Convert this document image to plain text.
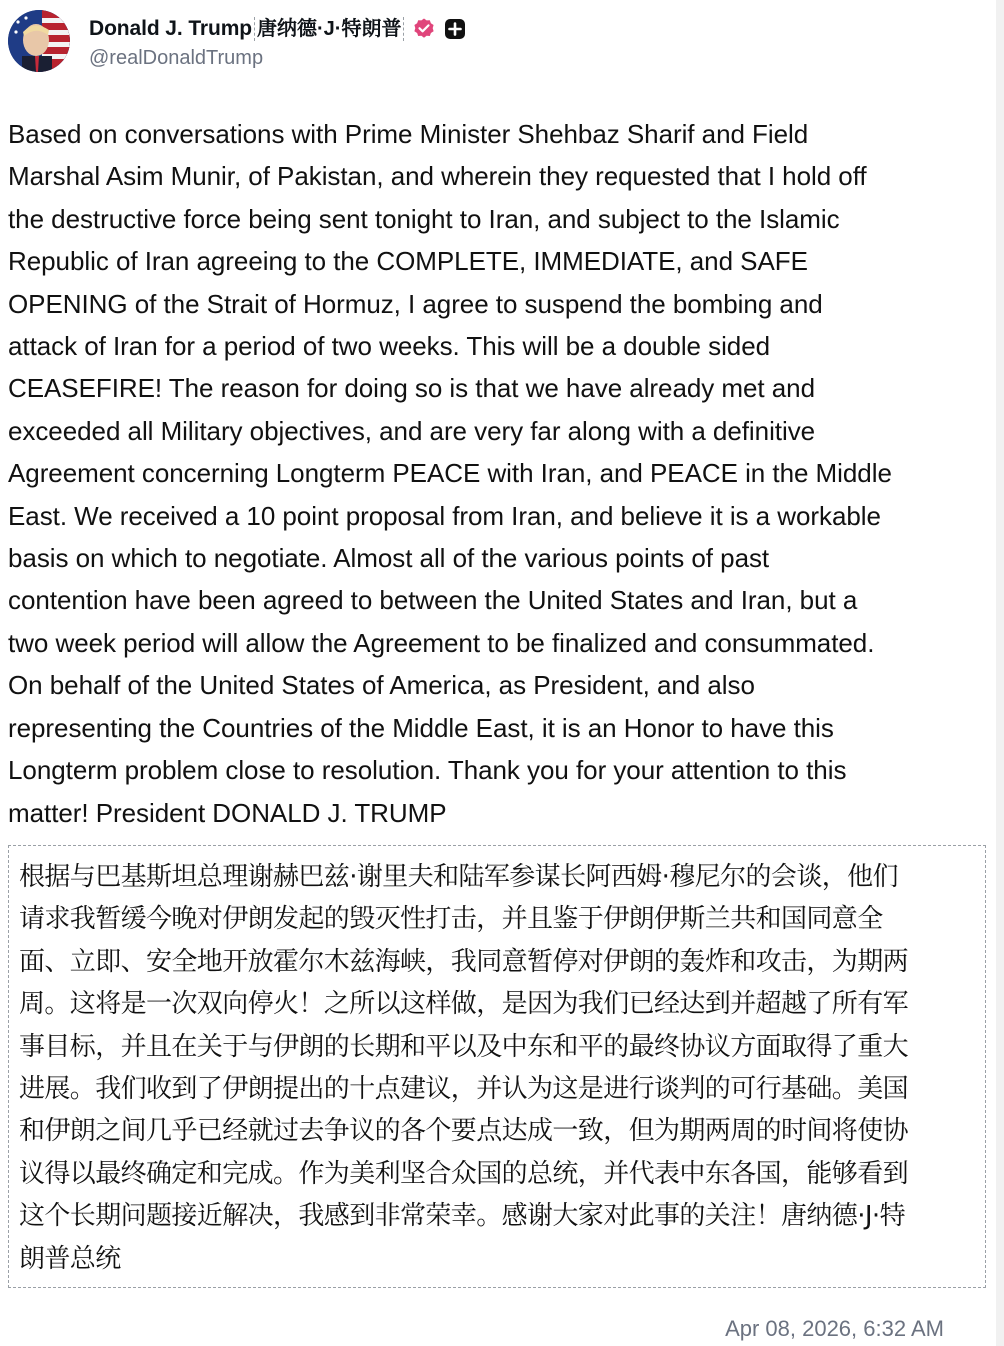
Donald J. Trump 唐纳德·J·特朗普
@realDonaldTrump

Based on conversations with Prime Minister Shehbaz Sharif and Field
Marshal Asim Munir, of Pakistan, and wherein they requested that I hold off
the destructive force being sent tonight to Iran, and subject to the Islamic
Republic of Iran agreeing to the COMPLETE, IMMEDIATE, and SAFE
OPENING of the Strait of Hormuz, I agree to suspend the bombing and
attack of Iran for a period of two weeks. This will be a double sided
CEASEFIRE! The reason for doing so is that we have already met and
exceeded all Military objectives, and are very far along with a definitive
Agreement concerning Longterm PEACE with Iran, and PEACE in the Middle
East. We received a 10 point proposal from Iran, and believe it is a workable
basis on which to negotiate. Almost all of the various points of past
contention have been agreed to between the United States and Iran, but a
two week period will allow the Agreement to be finalized and consummated.
On behalf of the United States of America, as President, and also
representing the Countries of the Middle East, it is an Honor to have this
Longterm problem close to resolution. Thank you for your attention to this
matter! President DONALD J. TRUMP

根据与巴基斯坦总理谢赫巴兹·谢里夫和陆军参谋长阿西姆·穆尼尔的会谈，他们
请求我暂缓今晚对伊朗发起的毁灭性打击，并且鉴于伊朗伊斯兰共和国同意全
面、立即、安全地开放霍尔木兹海峡，我同意暂停对伊朗的轰炸和攻击，为期两
周。这将是一次双向停火！之所以这样做，是因为我们已经达到并超越了所有军
事目标，并且在关于与伊朗的长期和平以及中东和平的最终协议方面取得了重大
进展。我们收到了伊朗提出的十点建议，并认为这是进行谈判的可行基础。美国
和伊朗之间几乎已经就过去争议的各个要点达成一致，但为期两周的时间将使协
议得以最终确定和完成。作为美利坚合众国的总统，并代表中东各国，能够看到
这个长期问题接近解决，我感到非常荣幸。感谢大家对此事的关注！唐纳德·J·特
朗普总统

Apr 08, 2026, 6:32 AM
